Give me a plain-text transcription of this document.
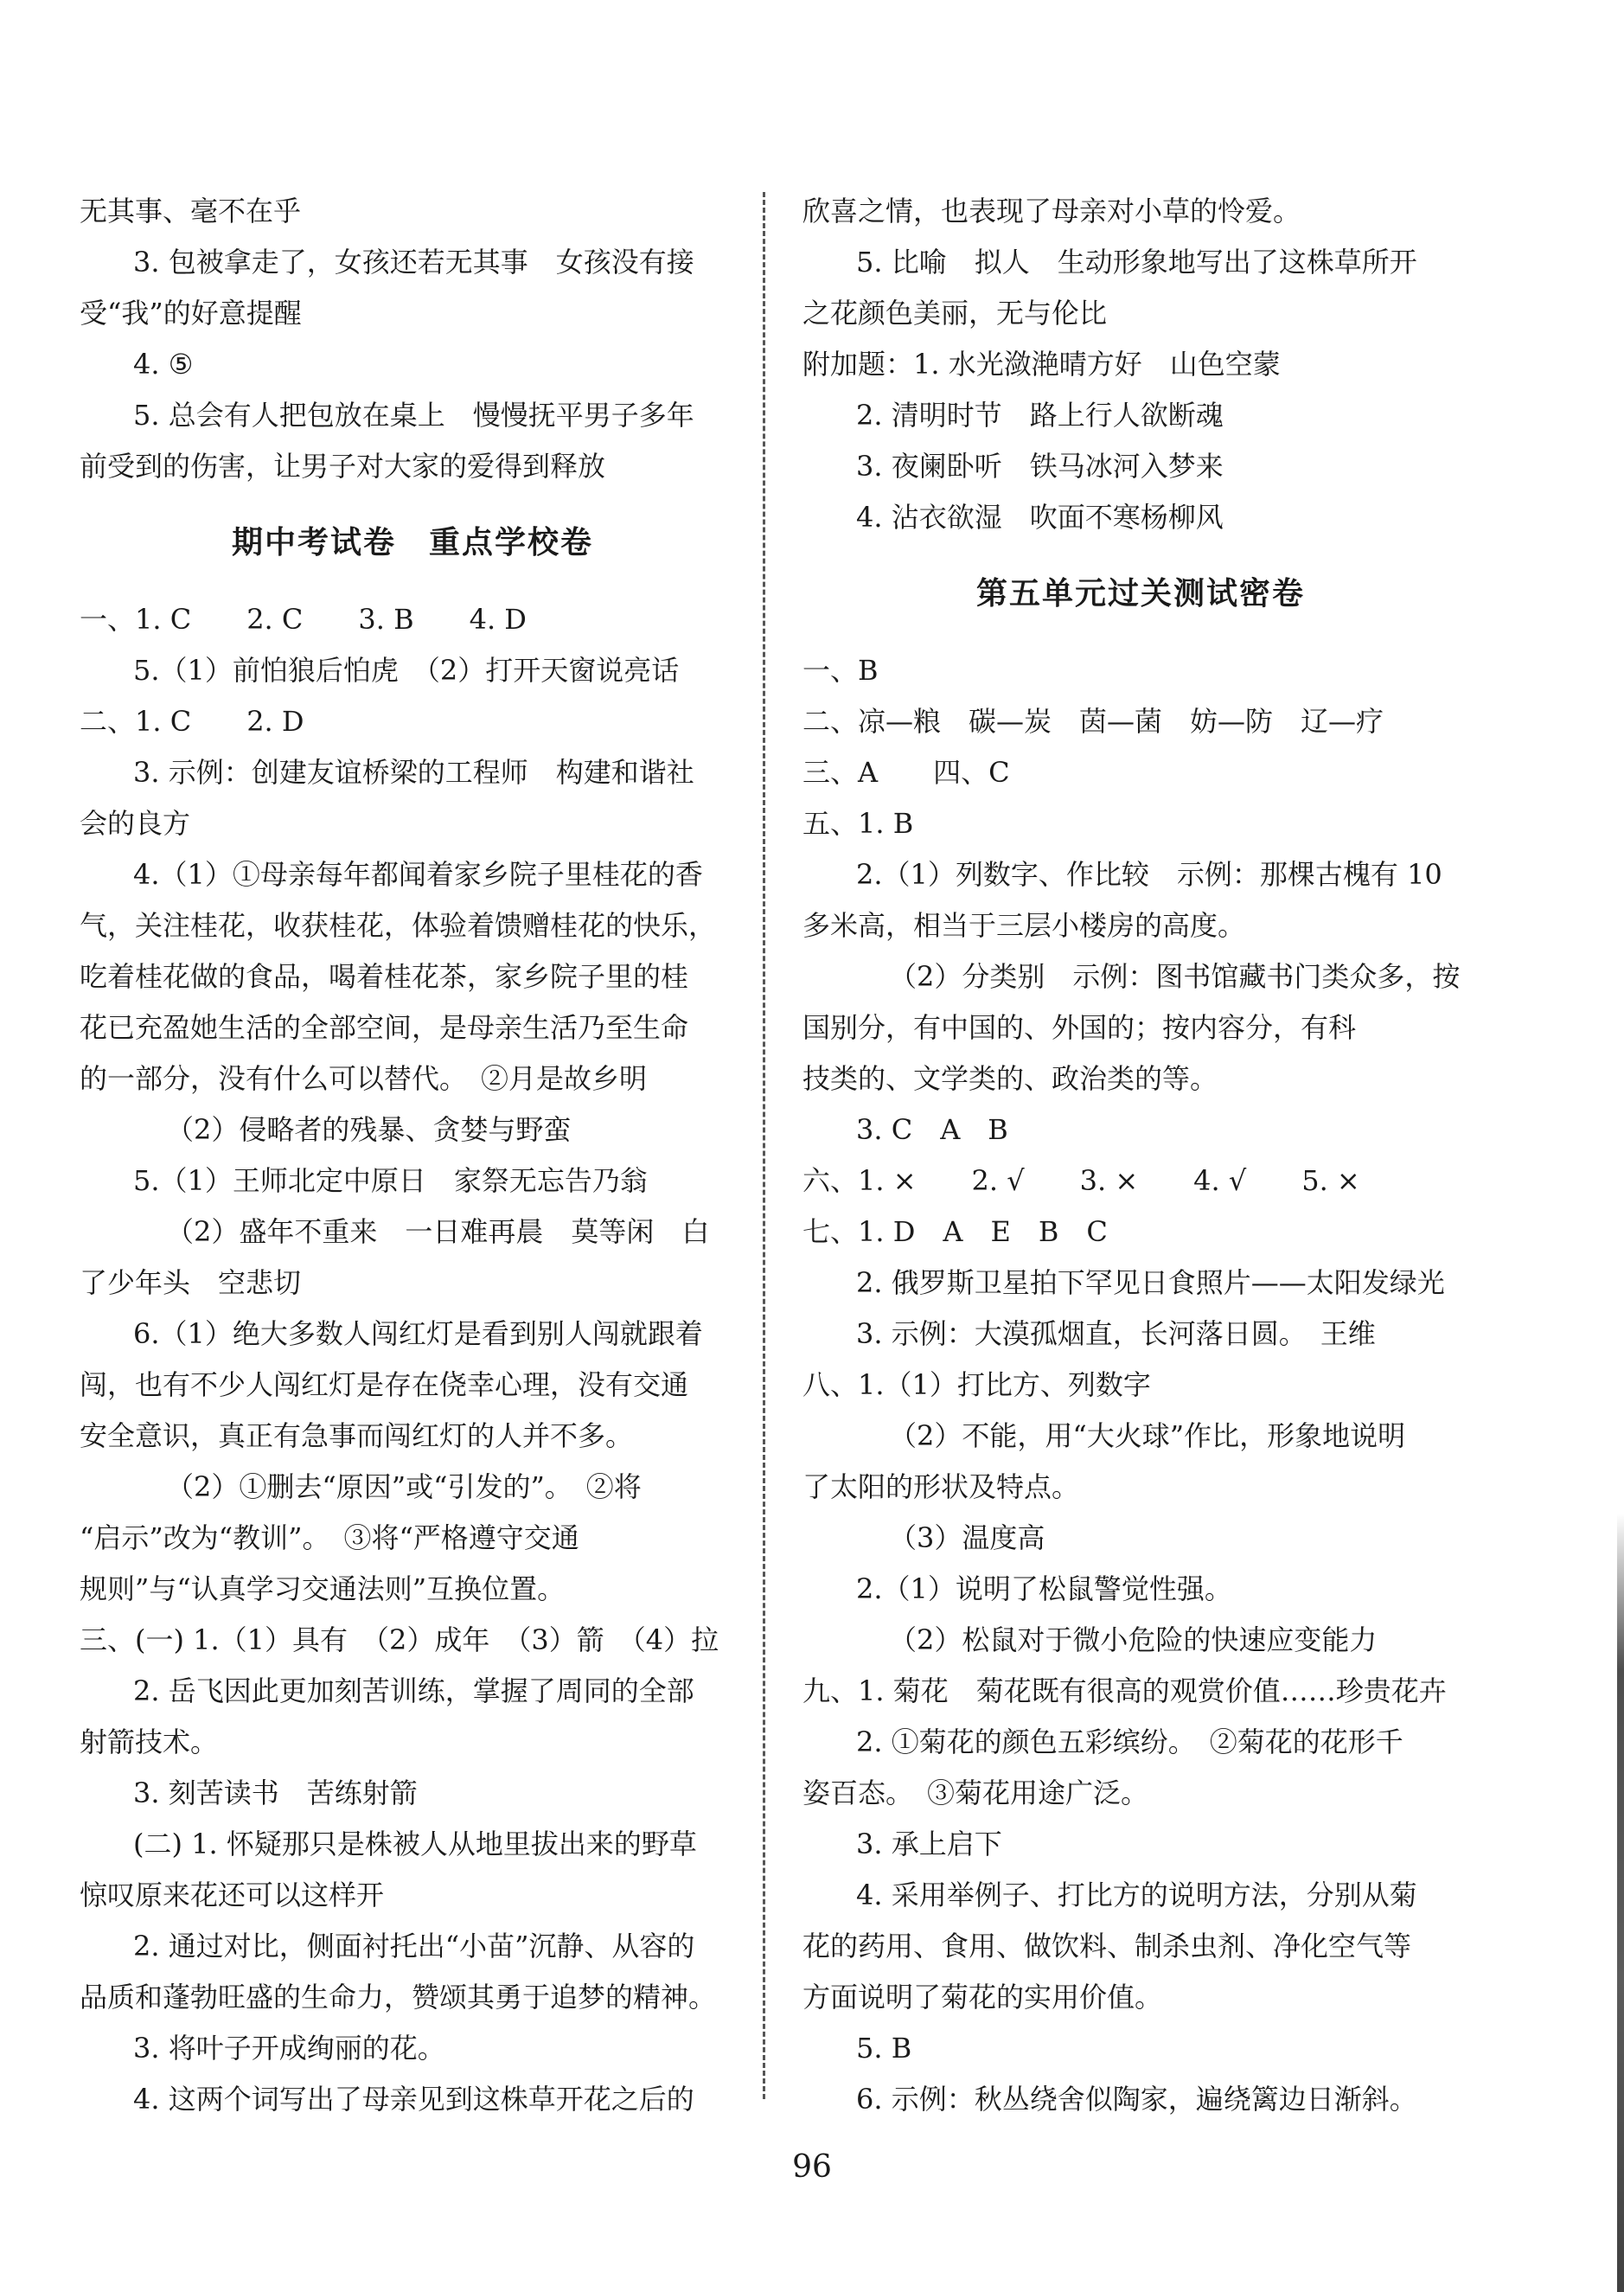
无其事、毫不在乎
3. 包被拿走了，女孩还若无其事　女孩没有接
受“我”的好意提醒
4. ⑤
5. 总会有人把包放在桌上　慢慢抚平男子多年
前受到的伤害，让男子对大家的爱得到释放
期中考试卷　重点学校卷
一、1. C　　2. C　　3. B　　4. D
5.（1）前怕狼后怕虎　（2）打开天窗说亮话
二、1. C　　2. D
3. 示例：创建友谊桥梁的工程师　构建和谐社
会的良方
4.（1）①母亲每年都闻着家乡院子里桂花的香
气，关注桂花，收获桂花，体验着馈赠桂花的快乐，
吃着桂花做的食品，喝着桂花茶，家乡院子里的桂
花已充盈她生活的全部空间，是母亲生活乃至生命
的一部分，没有什么可以替代。　②月是故乡明
（2）侵略者的残暴、贪婪与野蛮
5.（1）王师北定中原日　家祭无忘告乃翁
（2）盛年不重来　一日难再晨　莫等闲　白
了少年头　空悲切
6.（1）绝大多数人闯红灯是看到别人闯就跟着
闯，也有不少人闯红灯是存在侥幸心理，没有交通
安全意识，真正有急事而闯红灯的人并不多。
（2）①删去“原因”或“引发的”。　②将
“启示”改为“教训”。　③将“严格遵守交通
规则”与“认真学习交通法则”互换位置。
三、(一) 1.（1）具有　（2）成年　（3）箭　（4）拉
2. 岳飞因此更加刻苦训练，掌握了周同的全部
射箭技术。
3. 刻苦读书　苦练射箭
(二) 1. 怀疑那只是株被人从地里拔出来的野草
惊叹原来花还可以这样开
2. 通过对比，侧面衬托出“小苗”沉静、从容的
品质和蓬勃旺盛的生命力，赞颂其勇于追梦的精神。
3. 将叶子开成绚丽的花。
4. 这两个词写出了母亲见到这株草开花之后的
欣喜之情，也表现了母亲对小草的怜爱。
5. 比喻　拟人　生动形象地写出了这株草所开
之花颜色美丽，无与伦比
附加题：1. 水光潋滟晴方好　山色空蒙
2. 清明时节　路上行人欲断魂
3. 夜阑卧听　铁马冰河入梦来
4. 沾衣欲湿　吹面不寒杨柳风
第五单元过关测试密卷
一、B
二、凉—粮　碳—炭　茵—菌　妨—防　辽—疗
三、A　　四、C
五、1. B
2.（1）列数字、作比较　示例：那棵古槐有 10
多米高，相当于三层小楼房的高度。
（2）分类别　示例：图书馆藏书门类众多，按
国别分，有中国的、外国的；按内容分，有科
技类的、文学类的、政治类的等。
3. C　A　B
六、1. ×　　2. √　　3. ×　　4. √　　5. ×
七、1. D　A　E　B　C
2. 俄罗斯卫星拍下罕见日食照片——太阳发绿光
3. 示例：大漠孤烟直，长河落日圆。　王维
八、1.（1）打比方、列数字
（2）不能，用“大火球”作比，形象地说明
了太阳的形状及特点。
（3）温度高
2.（1）说明了松鼠警觉性强。
（2）松鼠对于微小危险的快速应变能力
九、1. 菊花　菊花既有很高的观赏价值……珍贵花卉
2. ①菊花的颜色五彩缤纷。　②菊花的花形千
姿百态。　③菊花用途广泛。
3. 承上启下
4. 采用举例子、打比方的说明方法，分别从菊
花的药用、食用、做饮料、制杀虫剂、净化空气等
方面说明了菊花的实用价值。
5. B
6. 示例：秋丛绕舍似陶家，遍绕篱边日渐斜。
96
